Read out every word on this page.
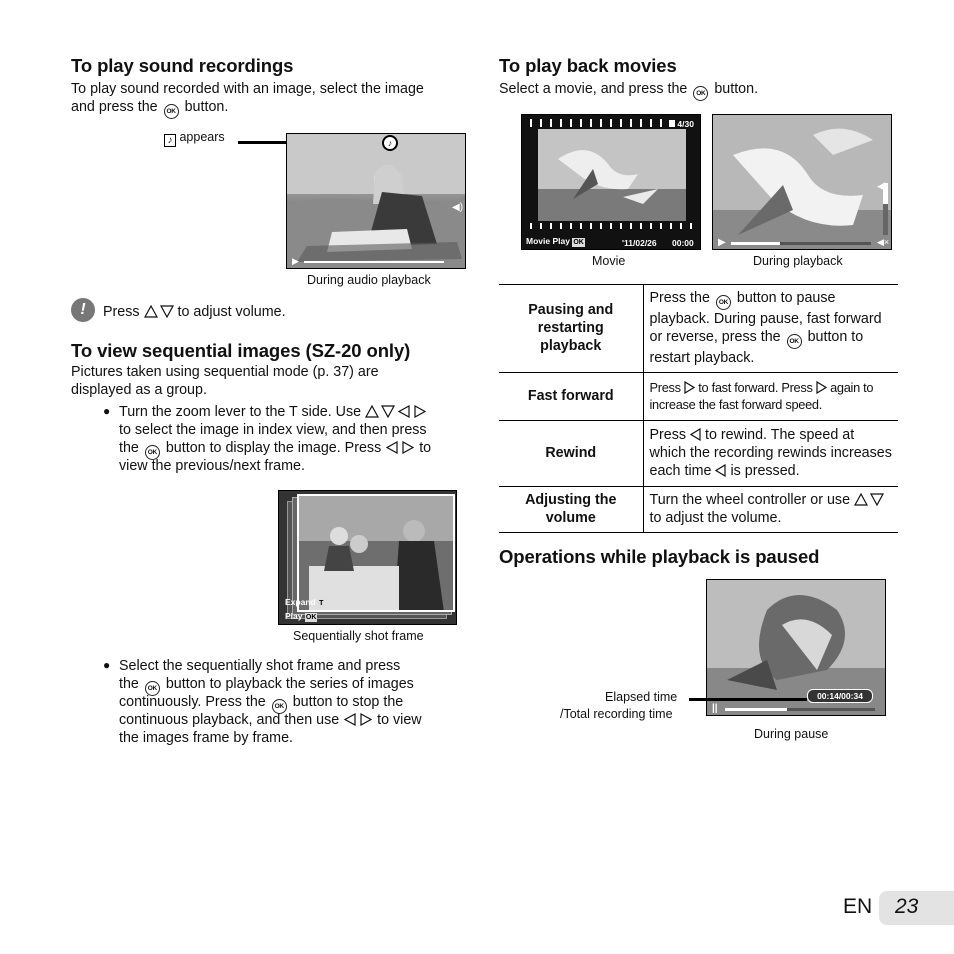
To play sound recordings
To play sound recorded with an image, select the image
and press the OK button.
♪ appears	♪
◀)
▶
During audio playback
!	Press	to adjust volume.
To view sequential images (SZ-20 only)
Pictures taken using sequential mode (p. 37) are
displayed as a group.
● Turn the zoom lever to the T side. Use
to select the image in index view, and then press
the OK button to display the image. Press	to
view the previous/next frame.
Expand T
Play OK
Sequentially shot frame
● Select the sequentially shot frame and press
the OK button to playback the series of images
continuously. Press the OK button to stop the
continuous playback, and then use	to view
the images frame by frame.
To play back movies
Select a movie, and press the OK button.
4/30
Movie Play OK	'11/02/26 00:00
Movie
◀)
◀×
▶
During playback
Pausing and restarting playback	Press the OK button to pause playback. During pause, fast forward or reverse, press the OK button to restart playback.
Fast forward	Press to fast forward. Press again to increase the fast forward speed.
Rewind	Press to rewind. The speed at which the recording rewinds increases each time is pressed.
Adjusting the volume	Turn the wheel controller or use  to adjust the volume.
Operations while playback is paused
00:14/00:34
||
Elapsed time
/Total recording time
During pause
EN 23
